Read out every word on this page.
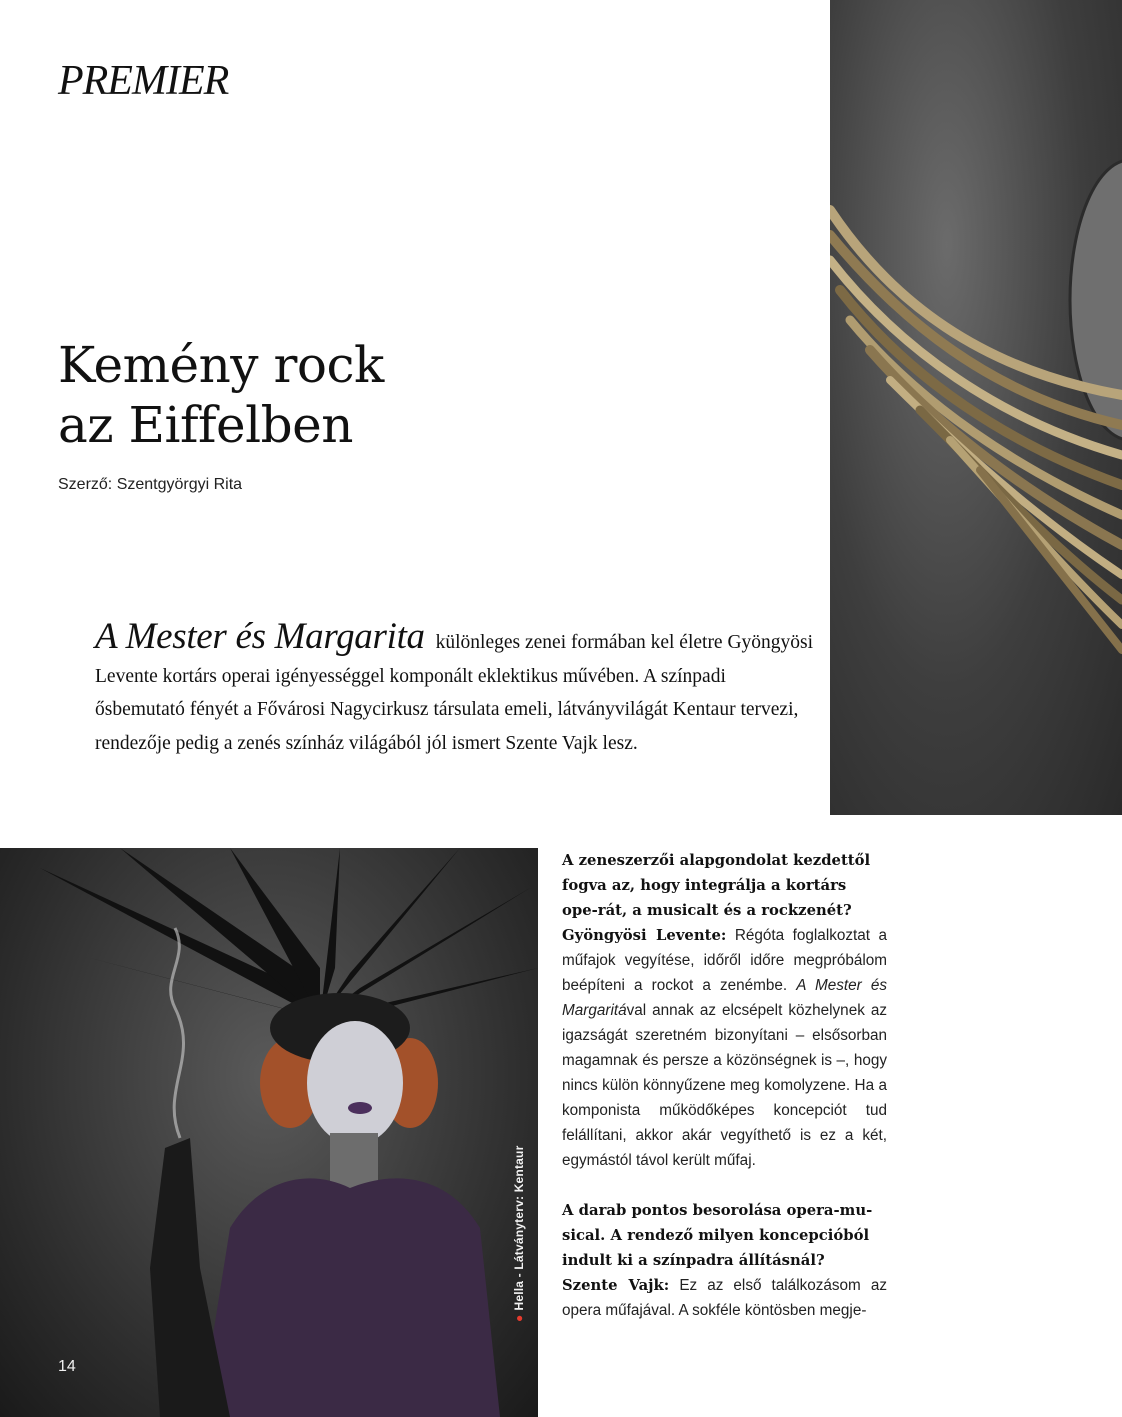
PREMIER
Kemény rock
az Eiffelben
Szerző: Szentgyörgyi Rita

A Mester és Margarita különleges zenei formában kel életre Gyöngyösi Levente kortárs operai igényességgel komponált eklektikus művében. A színpadi ősbemutató fényét a Fővárosi Nagycirkusz társulata emeli, látványvilágát Kentaur tervezi, rendezője pedig a zenés színház világából jól ismert Szente Vajk lesz.

●Hella - Látványterv: Kentaur
14
A zeneszerzői alapgondolat kezdettől fogva az, hogy integrálja a kortárs ope-rát, a musicalt és a rockzenét?
Gyöngyösi Levente: Régóta foglalkoztat a műfajok vegyítése, időről időre megpróbálom beépíteni a rockot a zenémbe. A Mester és Margaritával annak az elcsépelt közhelynek az igazságát szeretném bizonyítani – elsősorban magamnak és persze a közönségnek is –, hogy nincs külön könnyűzene meg komolyzene. Ha a komponista működőképes koncepciót tud felállítani, akkor akár vegyíthető is ez a két, egymástól távol került műfaj.
A darab pontos besorolása opera-mu-sical. A rendező milyen koncepcióból indult ki a színpadra állításnál?
Szente Vajk: Ez az első találkozásom az opera műfajával. A sokféle köntösben megje-
